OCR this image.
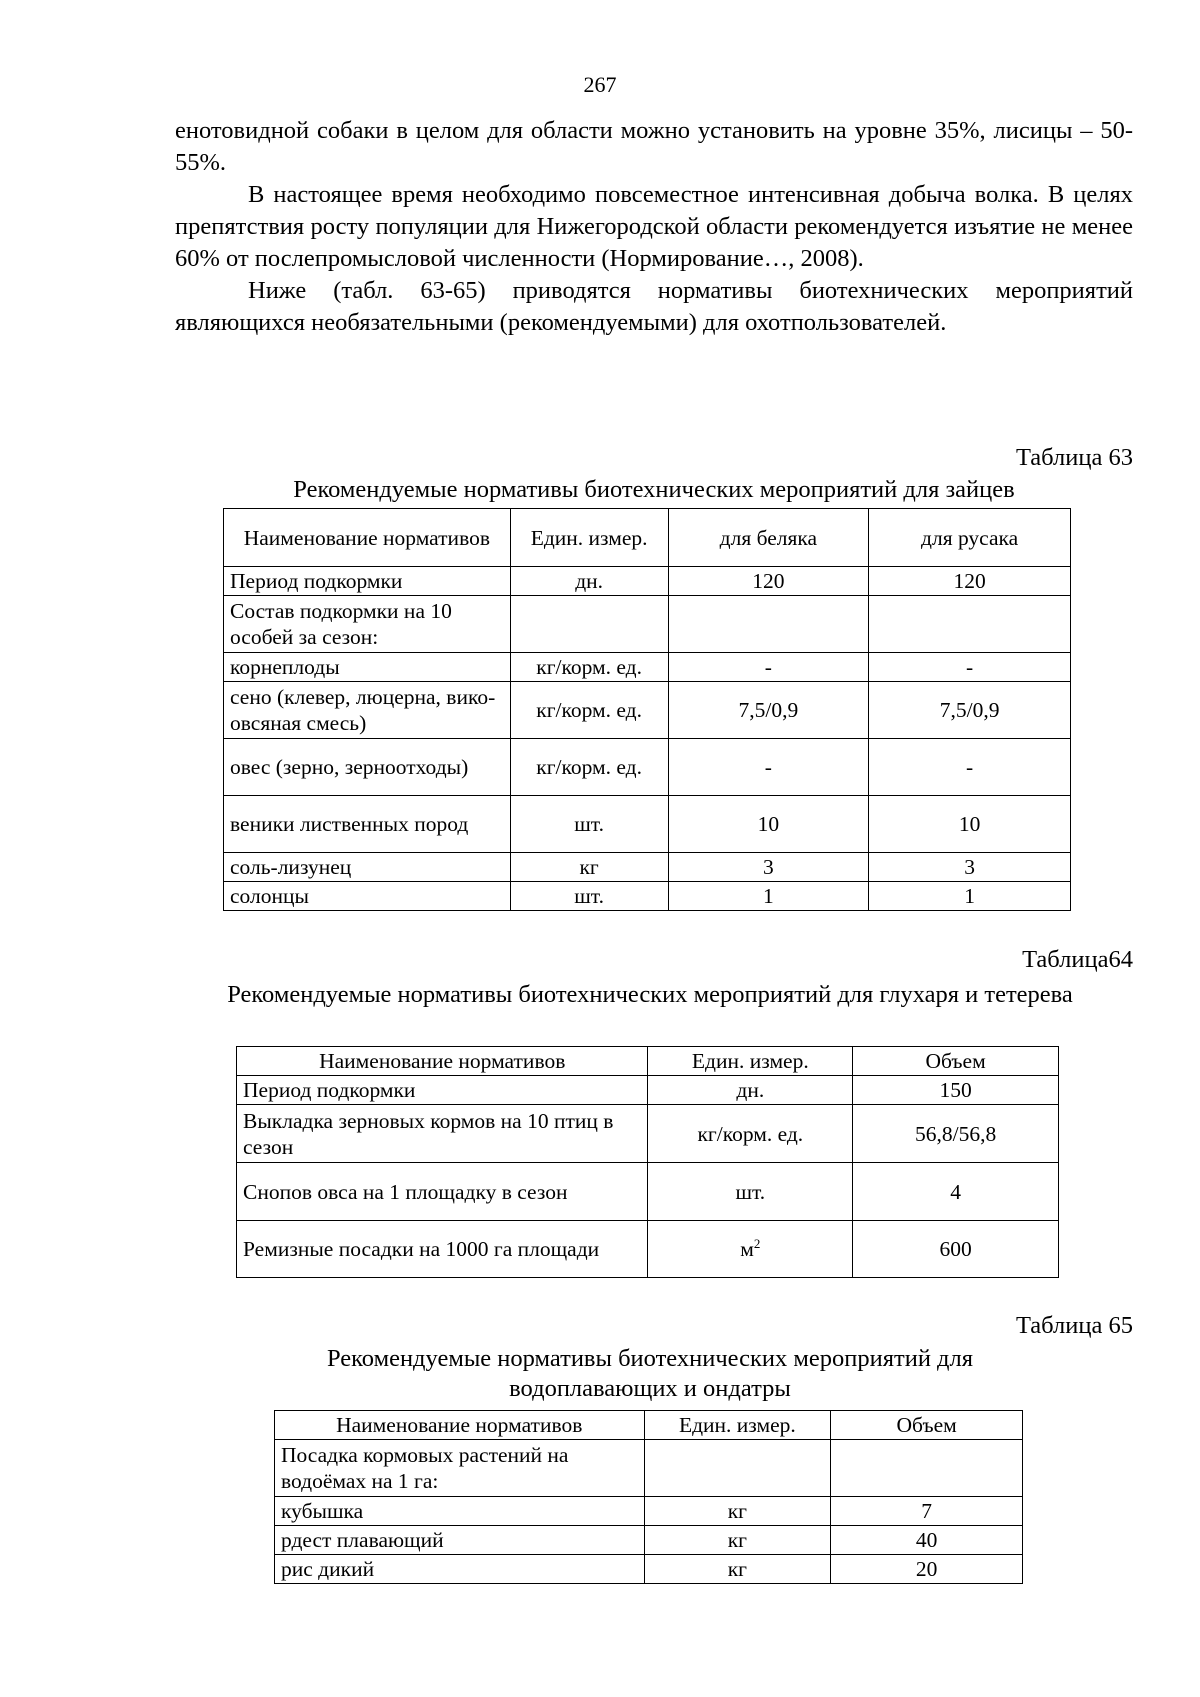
267

енотовидной собаки в целом для области можно установить на уровне 35%, лисицы – 50-55%.

В настоящее время необходимо повсеместное интенсивная добыча волка. В целях препятствия росту популяции для Нижегородской области рекомендуется изъятие не менее 60% от послепромысловой численности (Нормирование…, 2008).

Ниже (табл. 63-65) приводятся нормативы биотехнических мероприятий являющихся необязательными (рекомендуемыми) для охотпользователей.

Таблица 63
Рекомендуемые нормативы биотехнических мероприятий для зайцев
Наименование нормативов	Един. измер.	для беляка	для русака
Период подкормки	дн.	120	120
Состав подкормки на 10 особей за сезон:			
корнеплоды	кг/корм. ед.	-	-
сено (клевер, люцерна, вико-овсяная смесь)	кг/корм. ед.	7,5/0,9	7,5/0,9
овес (зерно, зерноотходы)	кг/корм. ед.	-	-
веники лиственных пород	шт.	10	10
соль-лизунец	кг	3	3
солонцы	шт.	1	1
Таблица64
Рекомендуемые нормативы биотехнических мероприятий для глухаря и тетерева
Наименование нормативов	Един. измер.	Объем
Период подкормки	дн.	150
Выкладка зерновых кормов на 10 птиц в сезон	кг/корм. ед.	56,8/56,8
Снопов овса на 1 площадку в сезон	шт.	4
Ремизные посадки на 1000 га площади	$м^2$	600
Таблица 65
Рекомендуемые нормативы биотехнических мероприятий для водоплавающих и ондатры
Наименование нормативов	Един. измер.	Объем
Посадка кормовых растений на водоёмах на 1 га:		
кубышка	кг	7
рдест плавающий	кг	40
рис дикий	кг	20
